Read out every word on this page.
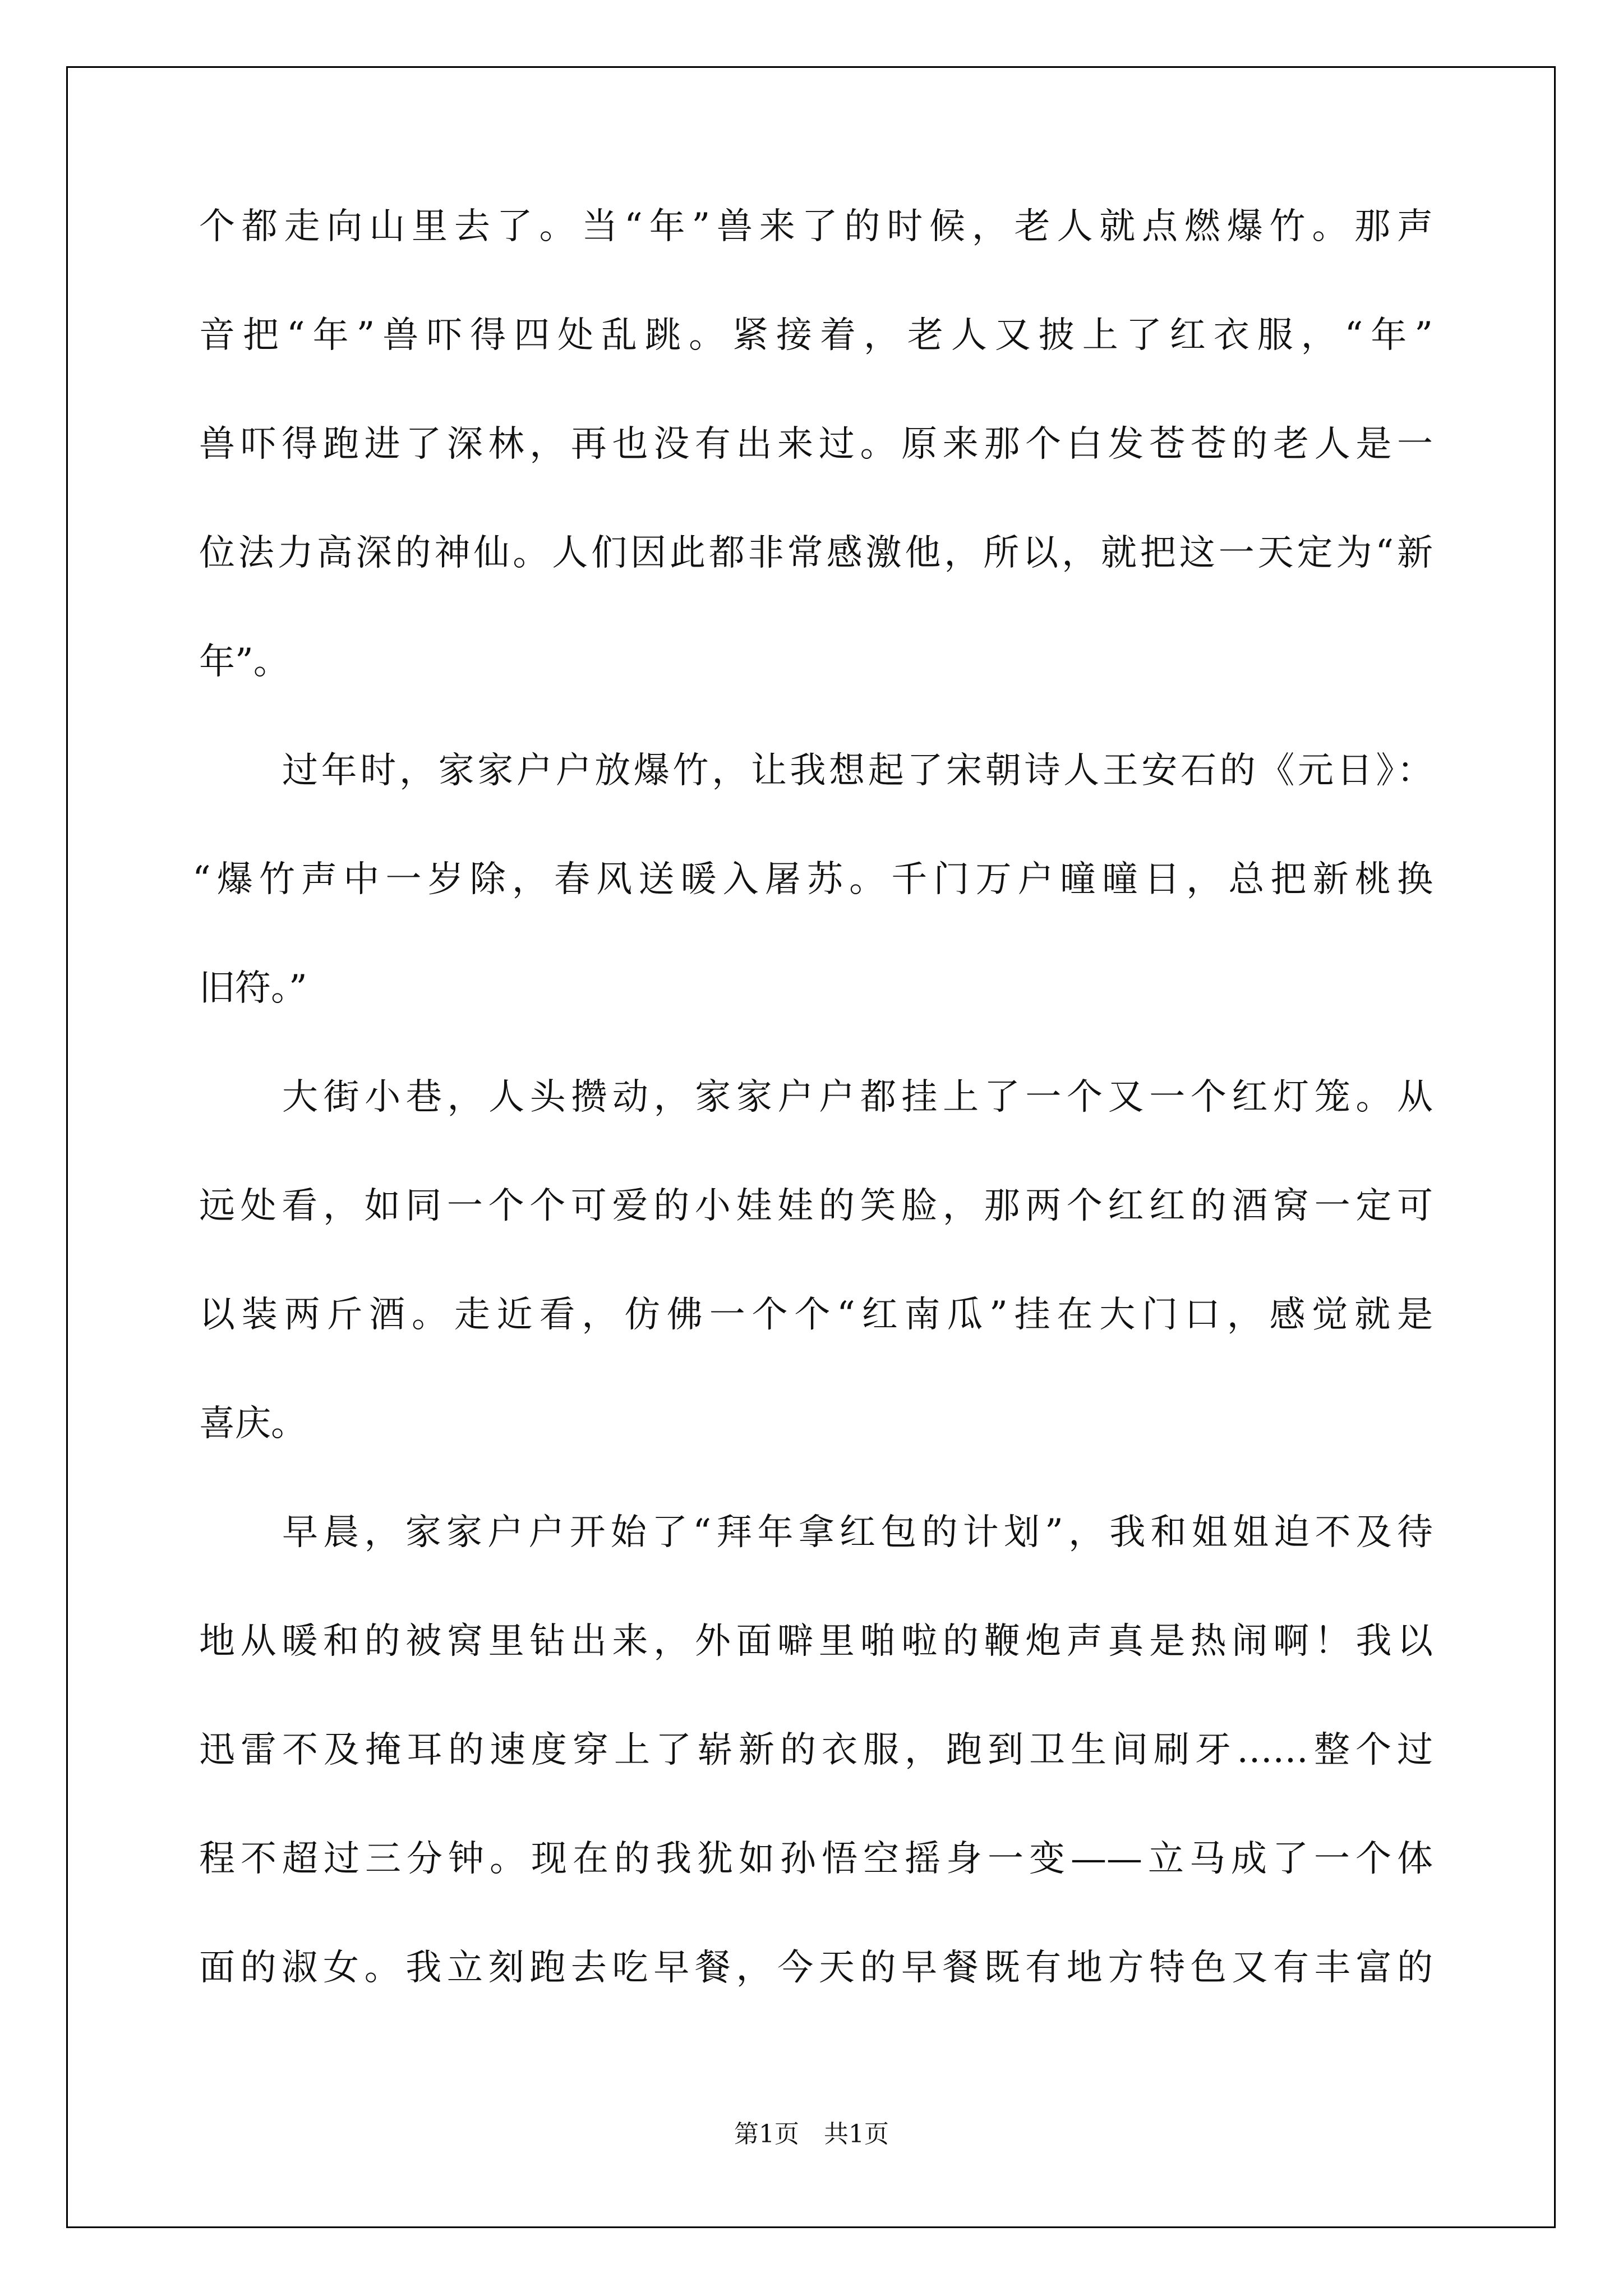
个都走向山里去了。当“年”兽来了的时候，老人就点燃爆竹。那声
音把“年”兽吓得四处乱跳。紧接着，老人又披上了红衣服，“年”
兽吓得跑进了深林，再也没有出来过。原来那个白发苍苍的老人是一
位法力高深的神仙。人们因此都非常感激他，所以，就把这一天定为“新
年”。
过年时，家家户户放爆竹，让我想起了宋朝诗人王安石的《元日》：
“爆竹声中一岁除，春风送暖入屠苏。千门万户曈曈日，总把新桃换
旧符。”
大街小巷，人头攒动，家家户户都挂上了一个又一个红灯笼。从
远处看，如同一个个可爱的小娃娃的笑脸，那两个红红的酒窝一定可
以装两斤酒。走近看，仿佛一个个“红南瓜”挂在大门口，感觉就是
喜庆。
早晨，家家户户开始了“拜年拿红包的计划”，我和姐姐迫不及待
地从暖和的被窝里钻出来，外面噼里啪啦的鞭炮声真是热闹啊！我以
迅雷不及掩耳的速度穿上了崭新的衣服，跑到卫生间刷牙……整个过
程不超过三分钟。现在的我犹如孙悟空摇身一变——立马成了一个体
面的淑女。我立刻跑去吃早餐，今天的早餐既有地方特色又有丰富的
第1页　共1页
